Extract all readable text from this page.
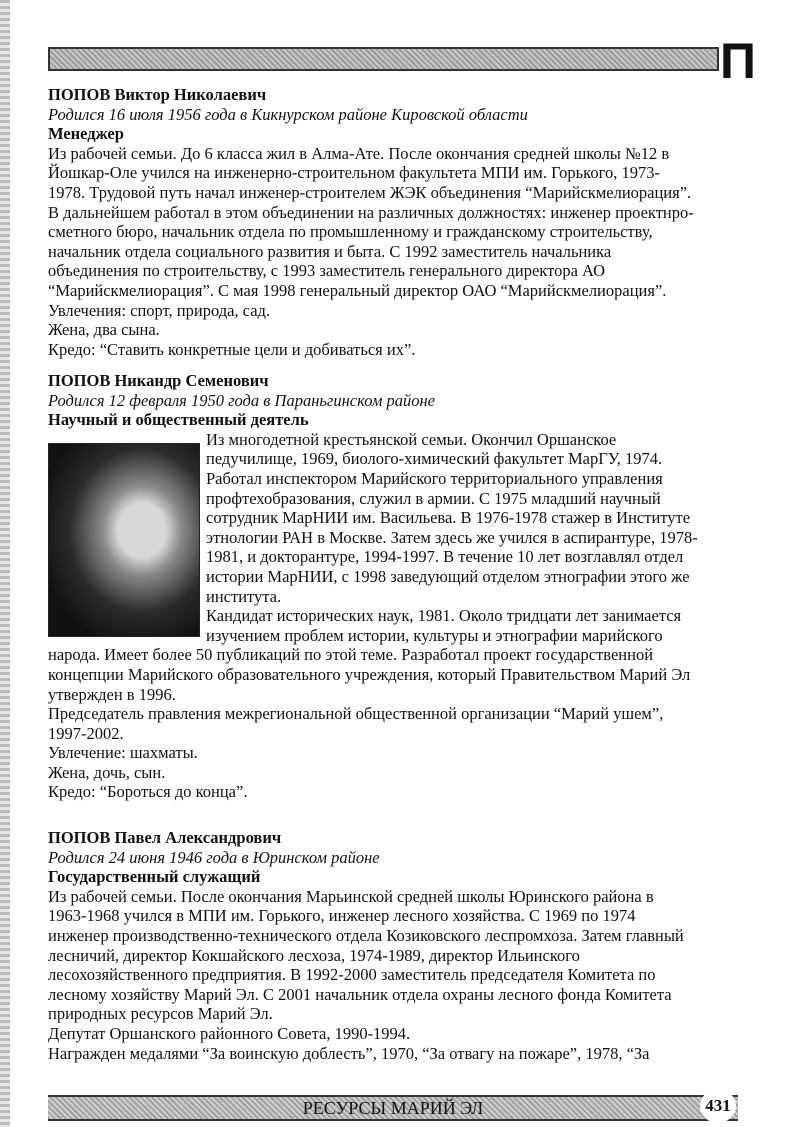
П
ПОПОВ Виктор Николаевич
Родился 16 июля 1956 года в Кикнурском районе Кировской области
Менеджер
Из рабочей семьи. До 6 класса жил в Алма-Ате. После окончания средней школы №12 в
Йошкар-Оле учился на инженерно-строительном факультета МПИ им. Горького, 1973-
1978. Трудовой путь начал инженер-строителем ЖЭК объединения “Марийскмелиорация”.
В дальнейшем работал в этом объединении на различных должностях: инженер проектнро-
сметного бюро, начальник отдела по промышленному и гражданскому строительству,
начальник отдела социального развития и быта. С 1992 заместитель начальника
объединения по строительству, с 1993 заместитель генерального директора АО
“Марийскмелиорация”. С мая 1998 генеральный директор ОАО “Марийскмелиорация”.
Увлечения: спорт, природа, сад.
Жена, два сына.
Кредо: “Ставить конкретные цели и добиваться их”.
ПОПОВ Никандр Семенович
Родился 12 февраля 1950 года в Параньгинском районе
Научный и общественный деятель
Из многодетной крестьянской семьи. Окончил Оршанское
педучилище, 1969, биолого-химический факультет МарГУ, 1974.
Работал инспектором Марийского территориального управления
профтехобразования, служил в армии. С 1975 младший научный
сотрудник МарНИИ им. Васильева. В 1976-1978 стажер в Институте
этнологии РАН в Москве. Затем здесь же учился в аспирантуре, 1978-
1981, и докторантуре, 1994-1997. В течение 10 лет возглавлял отдел
истории МарНИИ, с 1998 заведующий отделом этнографии этого же
института.
Кандидат исторических наук, 1981. Около тридцати лет занимается
изучением проблем истории, культуры и этнографии марийского
народа. Имеет более 50 публикаций по этой теме. Разработал проект государственной
концепции Марийского образовательного учреждения, который Правительством Марий Эл
утвержден в 1996.
Председатель правления межрегиональной общественной организации “Марий ушем”,
1997-2002.
Увлечение: шахматы.
Жена, дочь, сын.
Кредо: “Бороться до конца”.
ПОПОВ Павел Александрович
Родился 24 июня 1946 года в Юринском районе
Государственный служащий
Из рабочей семьи. После окончания Марьинской средней школы Юринского района в
1963-1968 учился в МПИ им. Горького, инженер лесного хозяйства. С 1969 по 1974
инженер производственно-технического отдела Козиковского леспромхоза. Затем главный
лесничий, директор Кокшайского лесхоза, 1974-1989, директор Ильинского
лесохозяйственного предприятия. В 1992-2000 заместитель председателя Комитета по
лесному хозяйству Марий Эл. С 2001 начальник отдела охраны лесного фонда Комитета
природных ресурсов Марий Эл.
Депутат Оршанского районного Совета, 1990-1994.
Награжден медалями “За воинскую доблесть”, 1970, “За отвагу на пожаре”, 1978, “За
РЕСУРСЫ МАРИЙ ЭЛ	431
